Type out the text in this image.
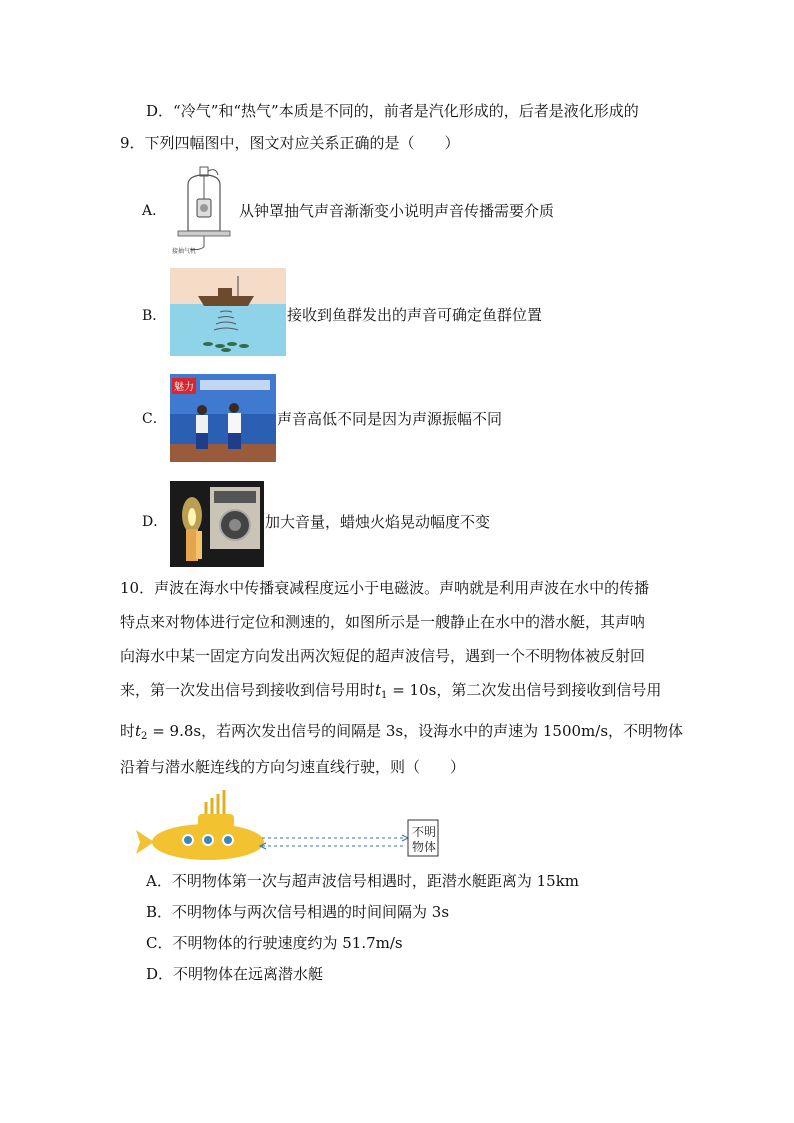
D．“冷气”和“热气”本质是不同的，前者是汽化形成的，后者是液化形成的
9．下列四幅图中，图文对应关系正确的是（　　）
A．
接抽气机
从钟罩抽气声音渐渐变小说明声音传播需要介质
B．	接收到鱼群发出的声音可确定鱼群位置
C．
魅力
声音高低不同是因为声源振幅不同
D．	加大音量，蜡烛火焰晃动幅度不变
10．声波在海水中传播衰减程度远小于电磁波。声呐就是利用声波在水中的传播
特点来对物体进行定位和测速的，如图所示是一艘静止在水中的潜水艇，其声呐
向海水中某一固定方向发出两次短促的超声波信号，遇到一个不明物体被反射回
来，第一次发出信号到接收到信号用时$t_1 = 10s$，第二次发出信号到接收到信号用
时$t_2 = 9.8s$，若两次发出信号的间隔是 3s，设海水中的声速为 1500m/s，不明物体
沿着与潜水艇连线的方向匀速直线行驶，则（　　）
不明
物体
A．不明物体第一次与超声波信号相遇时，距潜水艇距离为 15km
B．不明物体与两次信号相遇的时间间隔为 3s
C．不明物体的行驶速度约为 51.7m/s
D．不明物体在远离潜水艇
